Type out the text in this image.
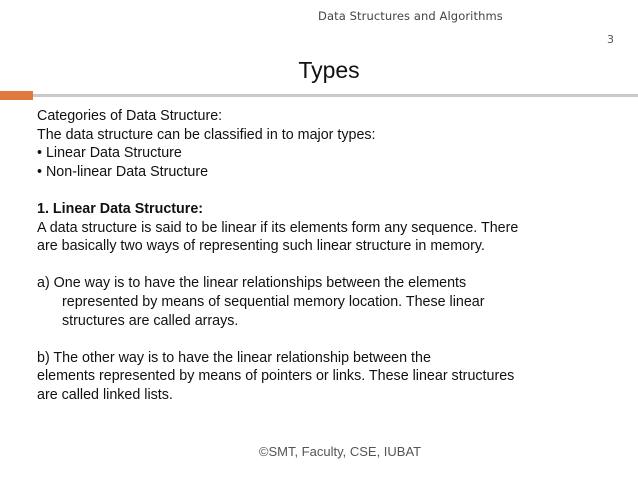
Data Structures and Algorithms
3
Types
Categories of Data Structure:
The data structure can be classified in to major types:
• Linear Data Structure
• Non-linear Data Structure
1. Linear Data Structure:
A data structure is said to be linear if its elements form any sequence. There
are basically two ways of representing such linear structure in memory.
a) One way is to have the linear relationships between the elements
represented by means of sequential memory location. These linear
structures are called arrays.
b) The other way is to have the linear relationship between the
elements represented by means of pointers or links. These linear structures
are called linked lists.
©SMT, Faculty, CSE, IUBAT
